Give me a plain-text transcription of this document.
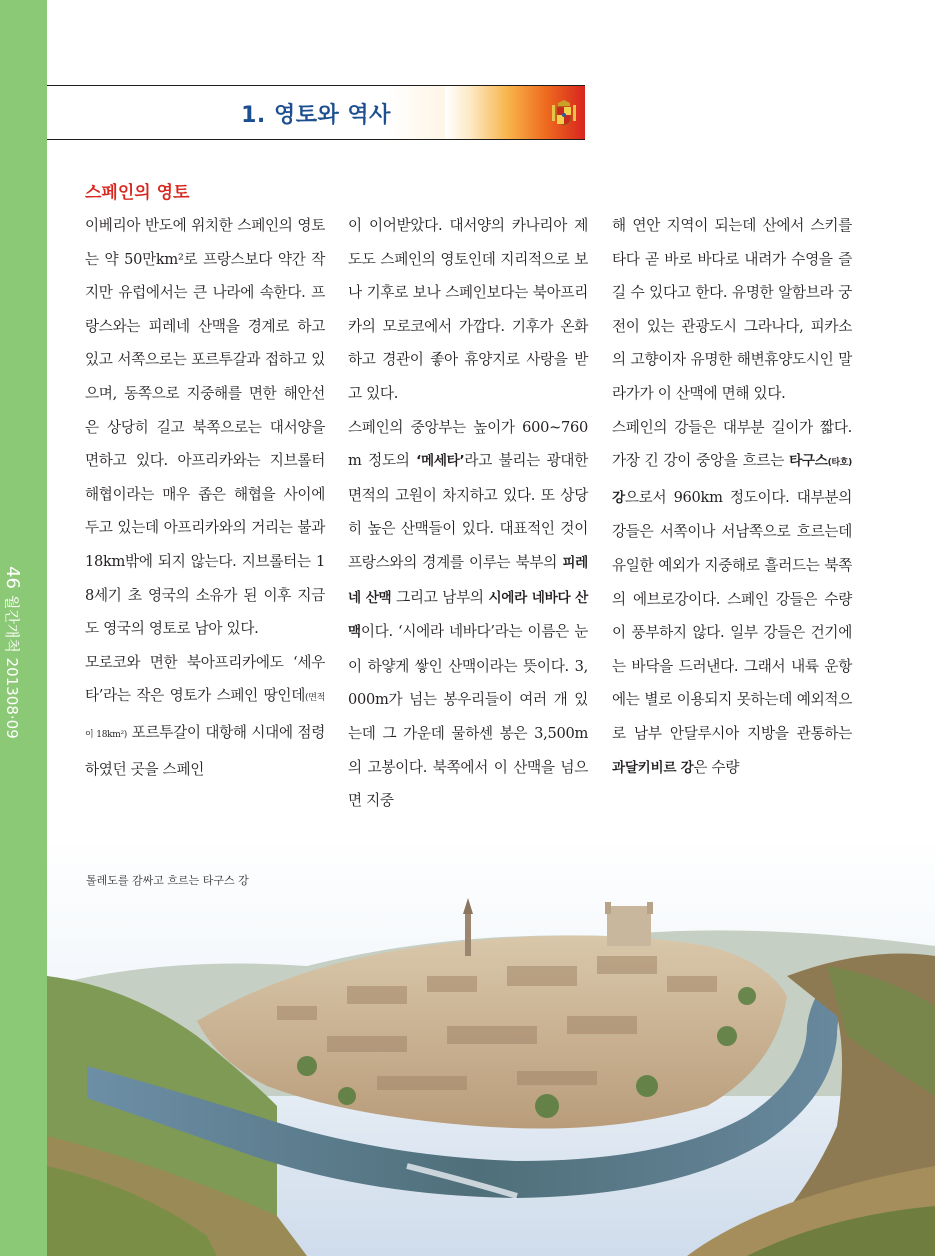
46월간개척 201308·09
1. 영토와 역사
스페인의 영토

이베리아 반도에 위치한 스페인의 영토는 약 50만km²로 프랑스보다 약간 작지만 유럽에서는 큰 나라에 속한다. 프랑스와는 피레네 산맥을 경계로 하고 있고 서쪽으로는 포르투갈과 접하고 있으며, 동쪽으로 지중해를 면한 해안선은 상당히 길고 북쪽으로는 대서양을 면하고 있다. 아프리카와는 지브롤터 해협이라는 매우 좁은 해협을 사이에 두고 있는데 아프리카와의 거리는 불과 18km밖에 되지 않는다. 지브롤터는 18세기 초 영국의 소유가 된 이후 지금도 영국의 영토로 남아 있다.

모로코와 면한 북아프리카에도 ‘세우타’라는 작은 영토가 스페인 땅인데(면적이 18km²) 포르투갈이 대항해 시대에 점령하였던 곳을 스페인

이 이어받았다. 대서양의 카나리아 제도도 스페인의 영토인데 지리적으로 보나 기후로 보나 스페인보다는 북아프리카의 모로코에서 가깝다. 기후가 온화하고 경관이 좋아 휴양지로 사랑을 받고 있다.

스페인의 중앙부는 높이가 600~760m 정도의 ‘메세타’라고 불리는 광대한 면적의 고원이 차지하고 있다. 또 상당히 높은 산맥들이 있다. 대표적인 것이 프랑스와의 경계를 이루는 북부의 피레네 산맥 그리고 남부의 시에라 네바다 산맥이다. ‘시에라 네바다’라는 이름은 눈이 하얗게 쌓인 산맥이라는 뜻이다. 3,000m가 넘는 봉우리들이 여러 개 있는데 그 가운데 물하센 봉은 3,500m의 고봉이다. 북쪽에서 이 산맥을 넘으면 지중

해 연안 지역이 되는데 산에서 스키를 타다 곧 바로 바다로 내려가 수영을 즐길 수 있다고 한다. 유명한 알함브라 궁전이 있는 관광도시 그라나다, 피카소의 고향이자 유명한 해변휴양도시인 말라가가 이 산맥에 면해 있다.

스페인의 강들은 대부분 길이가 짧다. 가장 긴 강이 중앙을 흐르는 타구스(타호) 강으로서 960km 정도이다. 대부분의 강들은 서쪽이나 서남쪽으로 흐르는데 유일한 예외가 지중해로 흘러드는 북쪽의 에브로강이다. 스페인 강들은 수량이 풍부하지 않다. 일부 강들은 건기에는 바닥을 드러낸다. 그래서 내륙 운항에는 별로 이용되지 못하는데 예외적으로 남부 안달루시아 지방을 관통하는 과달키비르 강은 수량

톨레도를 감싸고 흐르는 타구스 강
